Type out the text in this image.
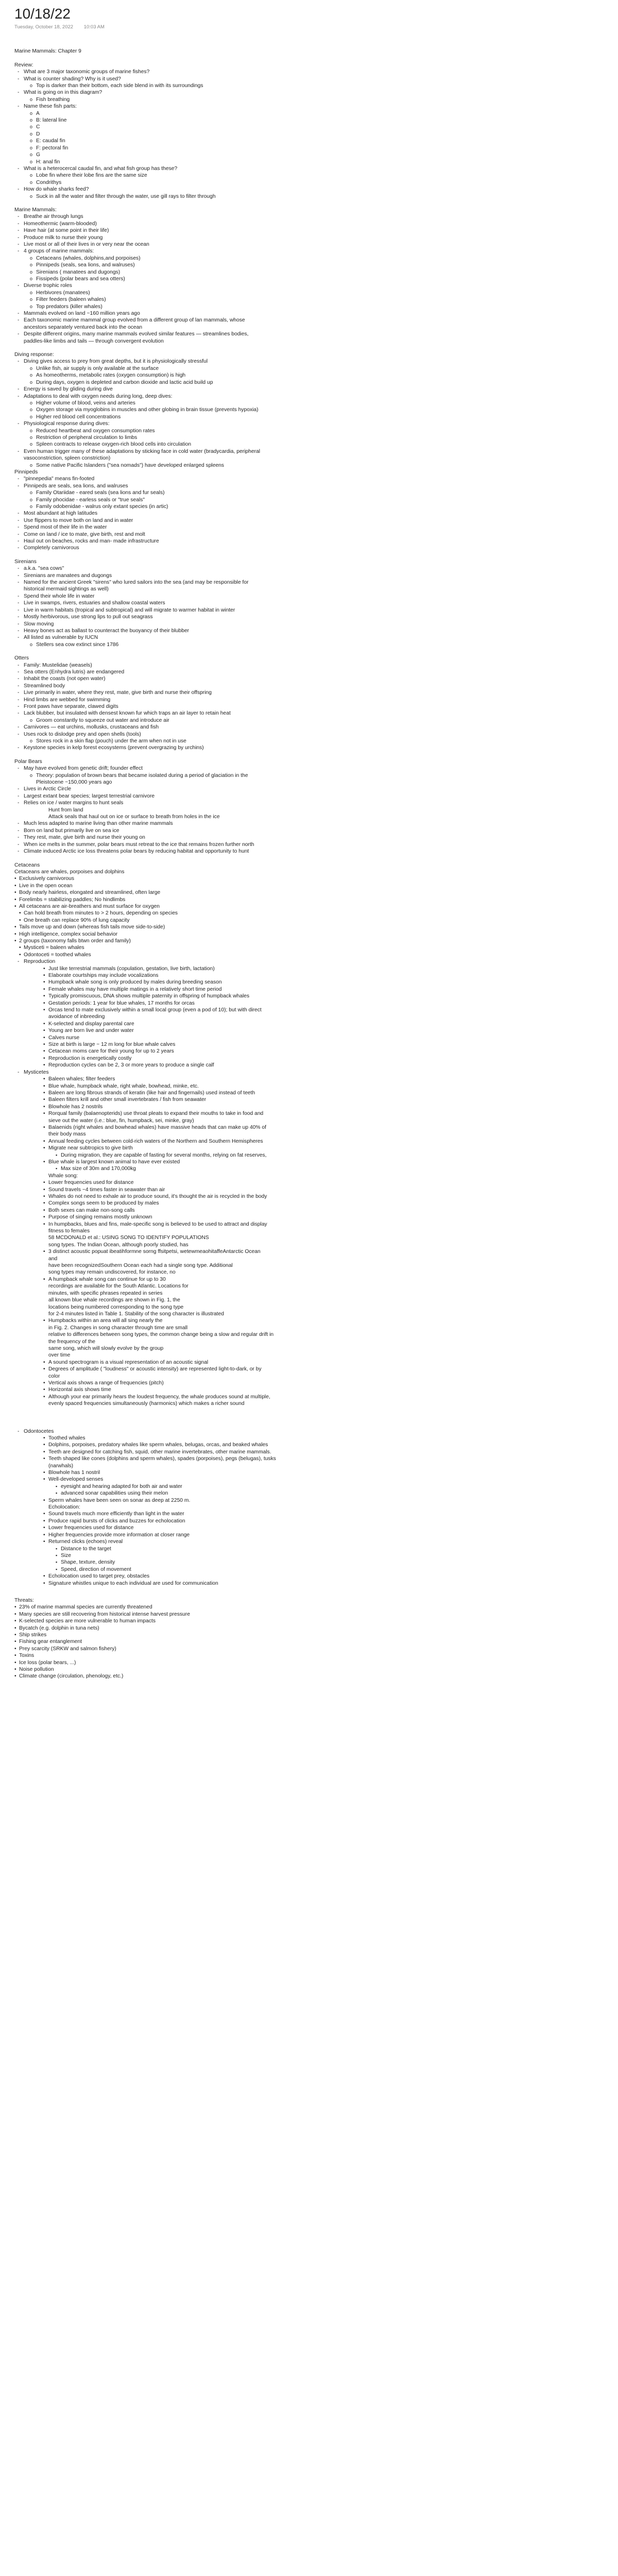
10/18/22
Tuesday, October 18, 2022 10:03 AM
Marine Mammals: Chapter 9
Review:
- What are 3 major taxonomic groups of marine fishes?
- What is counter shading? Why is it used?
o Top is darker than their bottom, each side blend in with its surroundings
- What is going on in this diagram?
o Fish breathing
- Name these fish parts:
o A
o B: lateral line
o C
o D
o E: caudal fin
o F: pectoral fin
o G
o H: anal fin
- What is a heterocercal caudal fin, and what fish group has these?
o Lobe fin where their lobe fins are the same size
o Condrithys
- How do whale sharks feed?
o Suck in all the water and filter through the water, use gill rays to filter through
Marine Mammals:
- Breathe air through lungs
- Homeothermic (warm-blooded)
- Have hair (at some point in their life)
- Produce milk to nurse their young
- Live most or all of their lives in or very near the ocean
- 4 groups of marine mammals:
o Cetaceans (whales, dolphins,and porpoises)
o Pinnipeds (seals, sea lions, and walruses)
o Sirenians ( manatees and dugongs)
o Fissipeds (polar bears and sea otters)
- Diverse trophic roles
o Herbivores (manatees)
o Filter feeders (baleen whales)
o Top predators (killer whales)
- Mammals evolved on land ~160 million years ago
- Each taxonomic marine mammal group evolved from a different group of lan mammals, whose
ancestors separately ventured back into the ocean
- Despite different origins, many marine mammals evolved similar features — streamlines bodies,
paddles-like limbs and tails — through convergent evolution
Diving response:
- Diving gives access to prey from great depths, but it is physiologically stressful
o Unlike fish, air supply is only available at the surface
o As homeotherms, metabolic rates (oxygen consumption) is high
o During days, oxygen is depleted and carbon dioxide and lactic acid build up
- Energy is saved by gliding during dive
- Adaptations to deal with oxygen needs during long, deep dives:
o Higher volume of blood, veins and arteries
o Oxygen storage via myoglobins in muscles and other globing in brain tissue (prevents hypoxia)
o Higher red blood cell concentrations
- Physiological response during dives:
o Reduced heartbeat and oxygen consumption rates
o Restriction of peripheral circulation to limbs
o Spleen contracts to release oxygen-rich blood cells into circulation
- Even human trigger many of these adaptations by sticking face in cold water (bradycardia, peripheral
vasoconstriction, spleen constriction)
o Some native Pacific Islanders ("sea nomads") have developed enlarged spleens
Pinnipeds
- "pinnepedia" means fin-footed
- Pinnipeds are seals, sea lions, and walruses
o Family Otariidae - eared seals (sea lions and fur seals)
o Family phocidae - earless seals or "true seals"
o Family odobenidae - walrus only extant species (in artic)
- Most abundant at high latitudes
- Use flippers to move both on land and in water
- Spend most of their life in the water
- Come on land / ice to mate, give birth, rest and molt
- Haul out on beaches, rocks and man- made infrastructure
- Completely carnivorous
Sirenians
- a.k.a. "sea cows"
- Sirenians are manatees and dugongs
- Named for the ancient Greek "sirens" who lured sailors into the sea (and may be responsible for
historical mermaid sightings as well)
- Spend their whole life in water
- Live in swamps, rivers, estuaries and shallow coastal waters
- Live in warm habitats (tropical and subtropical) and will migrate to warmer habitat in winter
- Mostly herbivorous, use strong lips to pull out seagrass
- Slow moving
- Heavy bones act as ballast to counteract the buoyancy of their blubber
- All listed as vulnerable by IUCN
o Stellers sea cow extinct since 1786
Otters
- Family: Mustelidae (weasels)
- Sea otters (Enhydra lutris) are endangered
- Inhabit the coasts (not open water)
- Streamlined body
- Live primarily in water, where they rest, mate, give birth and nurse their offspring
- Hind limbs are webbed for swimming
- Front paws have separate, clawed digits
- Lack blubber, but insulated with densest known fur which traps an air layer to retain heat
o Groom constantly to squeeze out water and introduce air
- Carnivores — eat urchins, mollusks, crustaceans and fish
- Uses rock to dislodge prey and open shells (tools)
o Stores rock in a skin flap (pouch) under the arm when not in use
- Keystone species in kelp forest ecosystems (prevent overgrazing by urchins)
Polar Bears
- May have evolved from genetic drift; founder effect
o Theory: population of brown bears that became isolated during a period of glaciation in the
Pleistocene ~150,000 years ago
- Lives in Arctic Circle
- Largest extant bear species; largest terrestrial carnivore
- Relies on ice / water margins to hunt seals
Hunt from land
Attack seals that haul out on ice or surface to breath from holes in the ice
- Much less adapted to marine living than other marine mammals
- Born on land but primarily live on sea ice
- They rest, mate, give birth and nurse their young on
- When ice melts in the summer, polar bears must retreat to the ice that remains frozen further north
- Climate induced Arctic ice loss threatens polar bears by reducing habitat and opportunity to hunt
Cetaceans
Cetaceans are whales, porpoises and dolphins
• Exclusively carnivorous
• Live in the open ocean
• Body nearly hairless, elongated and streamlined, often large
• Forelimbs = stabilizing paddles; No hindlimbs
• All cetaceans are air-breathers and must surface for oxygen
• Can hold breath from minutes to > 2 hours, depending on species
• One breath can replace 90% of lung capacity
• Tails move up and down (whereas fish tails move side-to-side)
• High intelligence, complex social behavior
• 2 groups (taxonomy falls btwn order and family)
• Mysticeti = baleen whales
• Odontoceti = toothed whales
- Reproduction
• Just like terrestrial mammals (copulation, gestation, live birth, lactation)
• Elaborate courtships may include vocalizations
• Humpback whale song is only produced by males during breeding season
• Female whales may have multiple matings in a relatively short time period
• Typically promiscuous, DNA shows multiple paternity in offspring of humpback whales
• Gestation periods: 1 year for blue whales, 17 months for orcas
• Orcas tend to mate exclusively within a small local group (even a pod of 10); but with direct
avoidance of inbreeding
• K-selected and display parental care
• Young are born live and under water
• Calves nurse
• Size at birth is large ~ 12 m long for blue whale calves
• Cetacean moms care for their young for up to 2 years
• Reproduction is energetically costly
• Reproduction cycles can be 2, 3 or more years to produce a single calf
- Mysticetes
• Baleen whales; filter feeders
• Blue whale, humpback whale, right whale, bowhead, minke, etc.
• Baleen are long fibrous strands of keratin (like hair and fingernails) used instead of teeth
• Baleen filters krill and other small invertebrates / fish from seawater
• Blowhole has 2 nostrils
• Rorqual family (balaenopterids) use throat pleats to expand their mouths to take in food and
sieve out the water (i.e.: blue, fin, humpback, sei, minke, gray)
• Balaenids (right whales and bowhead whales) have massive heads that can make up 40% of
their body mass
• Annual feeding cycles between cold-rich waters of the Northern and Southern Hemispheres
• Migrate near subtropics to give birth
▪ During migration, they are capable of fasting for several months, relying on fat reserves,
• Blue whale is largest known animal to have ever existed
▪ Max size of 30m and 170,000kg
Whale song:
• Lower frequencies used for distance
• Sound travels ~4 times faster in seawater than air
• Whales do not need to exhale air to produce sound, it's thought the air is recycled in the body
• Complex songs seem to be produced by males
• Both sexes can make non-song calls
• Purpose of singing remains mostly unknown
• In humpbacks, blues and fins, male-specific song is believed to be used to attract and display
fitness to females
58 MCDONALD et al.: USING SONG TO IDENTIFY POPULATIONS
song types. The Indian Ocean, although poorly studied, has
• 3 distinct acoustic popuat ibeatihformne sorng ffsitpetsi, wetewmeaohitaffeAntarctic Ocean
and
have been recognizedSouthern Ocean each had a single song type. Additional
song types may remain undiscovered, for instance, no
• A humpback whale song can continue for up to 30
recordings are available for the South Atlantic. Locations for
minutes, with specific phrases repeated in series
all known blue whale recordings are shown in Fig. 1, the
locations being numbered corresponding to the song type
for 2-4 minutes listed in Table 1. Stability of the song character is illustrated
• Humpbacks within an area will all sing nearly the
in Fig. 2. Changes in song character through time are small
relative to differences between song types, the common change being a slow and regular drift in
the frequency of the
same song, which will slowly evolve by the group
over time
• A sound spectrogram is a visual representation of an acoustic signal
• Degrees of amplitude ( "loudness" or acoustic intensity) are represented light-to-dark, or by
color
• Vertical axis shows a range of frequencies (pitch)
• Horizontal axis shows time
• Although your ear primarily hears the loudest frequency, the whale produces sound at multiple,
evenly spaced frequencies simultaneously (harmonics) which makes a richer sound
- Odontocetes
• Toothed whales
• Dolphins, porpoises, predatory whales like sperm whales, belugas, orcas, and beaked whales
• Teeth are designed for catching fish, squid, other marine invertebrates, other marine mammals.
• Teeth shaped like cones (dolphins and sperm whales), spades (porpoises), pegs (belugas), tusks
(narwhals)
• Blowhole has 1 nostril
• Well-developed senses
▪ eyesight and hearing adapted for both air and water
▪ advanced sonar capabilities using their melon
• Sperm whales have been seen on sonar as deep at 2250 m.
Echolocation:
• Sound travels much more efficiently than light in the water
• Produce rapid bursts of clicks and buzzes for echolocation
• Lower frequencies used for distance
• Higher frequencies provide more information at closer range
• Returned clicks (echoes) reveal
▪ Distance to the target
▪ Size
▪ Shape, texture, density
▪ Speed, direction of movement
• Echolocation used to target prey, obstacles
• Signature whistles unique to each individual are used for communication
Threats:
• 23% of marine mammal species are currently threatened
• Many species are still recovering from historical intense harvest pressure
• K-selected species are more vulnerable to human impacts
• Bycatch (e.g. dolphin in tuna nets)
• Ship strikes
• Fishing gear entanglement
• Prey scarcity (SRKW and salmon fishery)
• Toxins
• Ice loss (polar bears, ...)
• Noise pollution
• Climate change (circulation, phenology, etc.)
